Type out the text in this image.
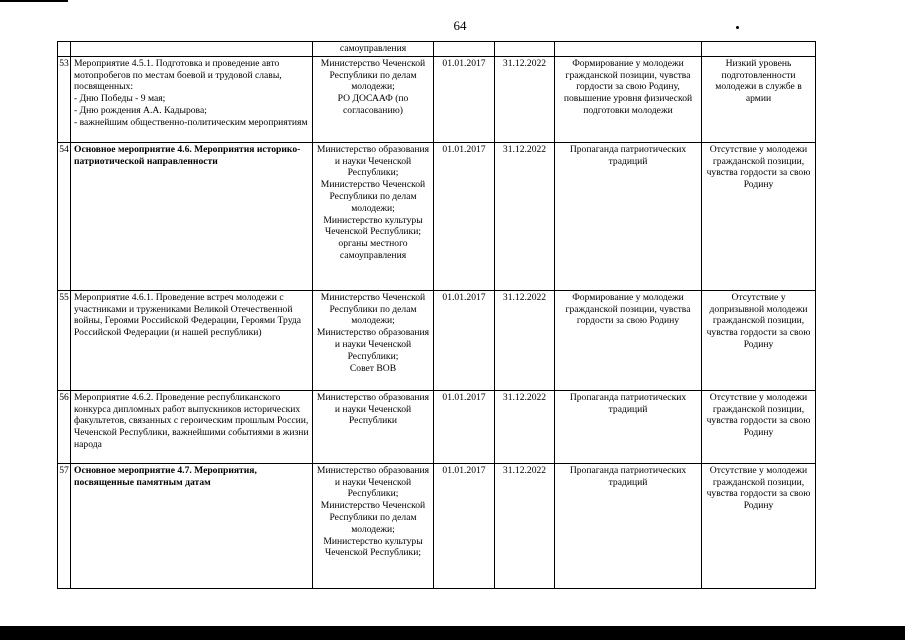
64
		самоуправления				
53	Мероприятие 4.5.1. Подготовка и проведение авто мотопробегов по местам боевой и трудовой славы, посвященных:
- Дню Победы - 9 мая;
- Дню рождения А.А. Кадырова;
- важнейшим общественно-политическим мероприятиям	Министерство Чеченской Республики по делам молодежи;
РО ДОСААФ (по согласованию)	01.01.2017	31.12.2022	Формирование у молодежи гражданской позиции, чувства гордости за свою Родину, повышение уровня физической подготовки молодежи	Низкий уровень подготовленности молодежи в службе в армии
54	Основное мероприятие 4.6. Мероприятия историко-патриотической направленности	Министерство образования и науки Чеченской Республики;
Министерство Чеченской Республики по делам молодежи;
Министерство культуры Чеченской Республики;
органы местного самоуправления	01.01.2017	31.12.2022	Пропаганда патриотических традиций	Отсутствие у молодежи гражданской позиции, чувства гордости за свою Родину
55	Мероприятие 4.6.1. Проведение встреч молодежи с участниками и тружениками Великой Отечественной войны, Героями Российской Федерации, Героями Труда Российской Федерации (и нашей республики)	Министерство Чеченской Республики по делам молодежи;
Министерство образования и науки Чеченской Республики;
Совет ВОВ	01.01.2017	31.12.2022	Формирование у молодежи гражданской позиции, чувства гордости за свою Родину	Отсутствие у допризывной молодежи гражданской позиции, чувства гордости за свою Родину
56	Мероприятие 4.6.2. Проведение республиканского конкурса дипломных работ выпускников исторических факультетов, связанных с героическим прошлым России, Чеченской Республики, важнейшими событиями в жизни народа	Министерство образования и науки Чеченской Республики	01.01.2017	31.12.2022	Пропаганда патриотических традиций	Отсутствие у молодежи гражданской позиции, чувства гордости за свою Родину
57	Основное мероприятие 4.7. Мероприятия, посвященные памятным датам	Министерство образования и науки Чеченской Республики;
Министерство Чеченской Республики по делам молодежи;
Министерство культуры Чеченской Республики;	01.01.2017	31.12.2022	Пропаганда патриотических традиций	Отсутствие у молодежи гражданской позиции, чувства гордости за свою Родину
